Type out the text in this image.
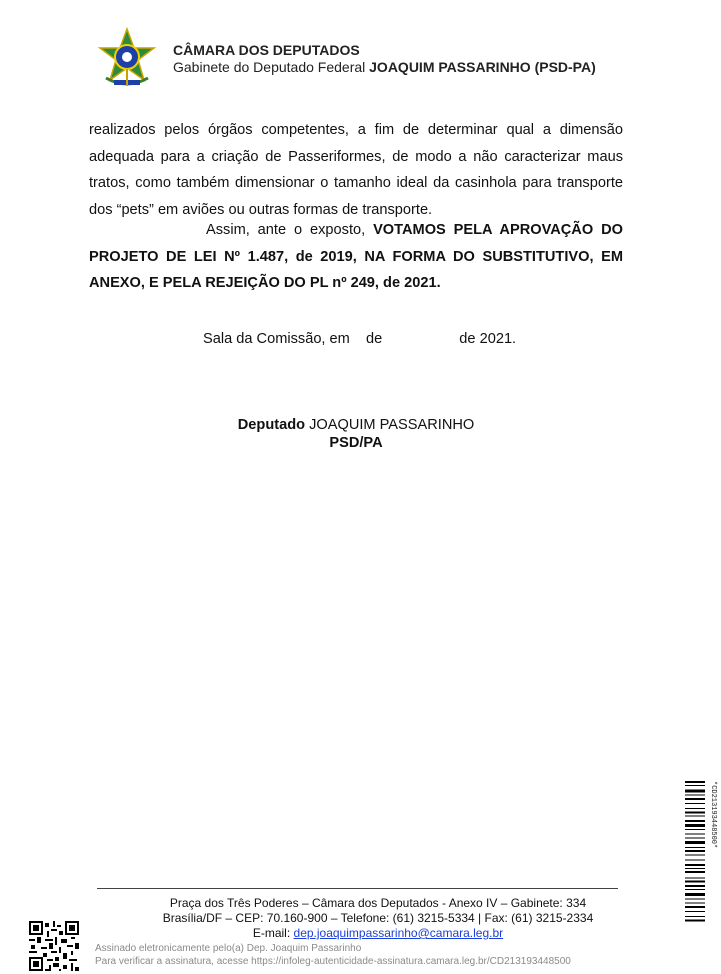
CÂMARA DOS DEPUTADOS
Gabinete do Deputado Federal JOAQUIM PASSARINHO (PSD-PA)
realizados pelos órgãos competentes, a fim de determinar qual a dimensão
adequada para a criação de Passeriformes, de modo a não caracterizar maus
tratos, como também dimensionar o tamanho ideal da casinhola para transporte
dos “pets” em aviões ou outras formas de transporte.
Assim, ante o exposto, VOTAMOS PELA APROVAÇÃO DO
PROJETO DE LEI Nº 1.487, de 2019, NA FORMA DO SUBSTITUTIVO, EM
ANEXO, E PELA REJEIÇÃO DO PL nº 249, de 2021.
Sala da Comissão, em    de                   de 2021.
Deputado JOAQUIM PASSARINHO
PSD/PA
Praça dos Três Poderes – Câmara dos Deputados - Anexo IV – Gabinete: 334
Brasília/DF – CEP: 70.160-900 – Telefone: (61) 3215-5334 | Fax: (61) 3215-2334
E-mail: dep.joaquimpassarinho@camara.leg.br
Assinado eletronicamente pelo(a) Dep. Joaquim Passarinho
Para verificar a assinatura, acesse https://infoleg-autenticidade-assinatura.camara.leg.br/CD213193448500
*CD213193448500*
